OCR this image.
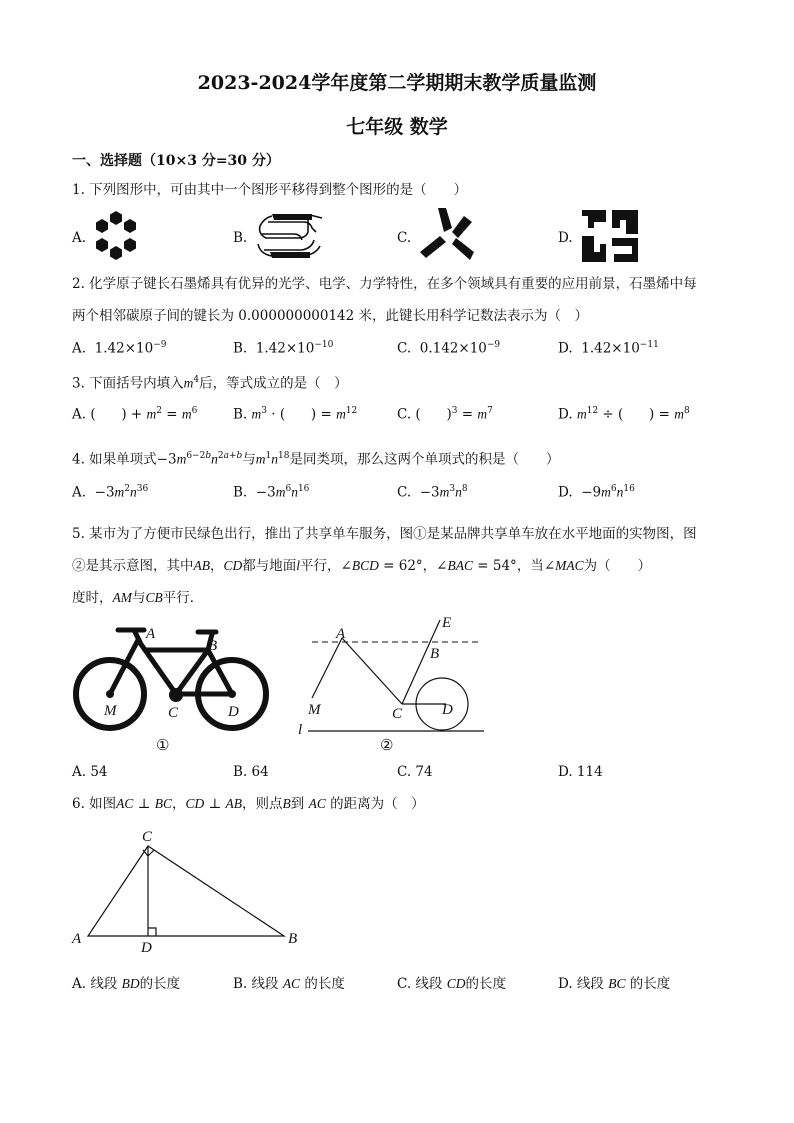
2023-2024学年度第二学期期末教学质量监测
七年级 数学
一、选择题（10×3 分=30 分）
1. 下列图形中，可由其中一个图形平移得到整个图形的是（　　）
A.	B.	C.	D.
2. 化学原子键长石墨烯具有优异的光学、电学、力学特性，在多个领域具有重要的应用前景，石墨烯中每
两个相邻碳原子间的键长为 0.000000000142 米，此键长用科学记数法表示为（　）
A. $1.42\times 10^{-9}$	B. $1.42\times 10^{-10}$	C. $0.142\times 10^{-9}$	D. $1.42\times 10^{-11}$
3. 下面括号内填入$m^4$后，等式成立的是（　）
A. (      ) + $m^2 = m^6$	B. $m^3$ · (      ) = $m^{12}$	C. (      )$^3 = m^7$	D. $m^{12}$ ÷ (      ) = $m^8$
4. 如果单项式$-3m^{6-2b}n^{2a+b}$与$m^1n^{18}$是同类项，那么这两个单项式的积是（　　）
A.  $-3m^2n^{36}$	B.  $-3m^6n^{16}$	C.  $-3m^3n^8$	D.  $-9m^6n^{16}$
5. 某市为了方便市民绿色出行，推出了共享单车服务，图①是某品牌共享单车放在水平地面的实物图，图
②是其示意图，其中AB，CD都与地面l平行，∠BCD = 62°，∠BAC = 54°，当∠MAC为（　　）
度时，AM与CB平行．
A
B
M	C	D
①
A
B
E
M	C	D
l
②
A. 54	B. 64	C. 74	D. 114
6. 如图AC ⊥ BC，CD ⊥ AB，则点B到 AC 的距离为（　）
C
A	B
D
A. 线段 BD的长度	B. 线段 AC 的长度	C. 线段 CD的长度	D. 线段 BC 的长度
